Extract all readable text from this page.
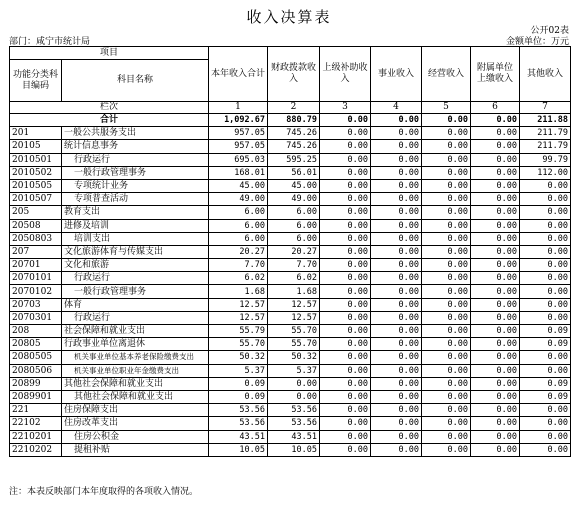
收入决算表
公开02表
部门：咸宁市统计局	金额单位：万元
项目		本年收入合计	财政拨款收入	上级补助收入	事业收入	经营收入	附属单位上缴收入	其他收入
功能分类科目编码	科目名称							
栏次		1	2	3	4	5	6	7
合计		1,092.67	880.79	0.00	0.00	0.00	0.00	211.88
201	一般公共服务支出	957.05	745.26	0.00	0.00	0.00	0.00	211.79
20105	统计信息事务	957.05	745.26	0.00	0.00	0.00	0.00	211.79
2010501	行政运行	695.03	595.25	0.00	0.00	0.00	0.00	99.79
2010502	一般行政管理事务	168.01	56.01	0.00	0.00	0.00	0.00	112.00
2010505	专项统计业务	45.00	45.00	0.00	0.00	0.00	0.00	0.00
2010507	专项普查活动	49.00	49.00	0.00	0.00	0.00	0.00	0.00
205	教育支出	6.00	6.00	0.00	0.00	0.00	0.00	0.00
20508	进修及培训	6.00	6.00	0.00	0.00	0.00	0.00	0.00
2050803	培训支出	6.00	6.00	0.00	0.00	0.00	0.00	0.00
207	文化旅游体育与传媒支出	20.27	20.27	0.00	0.00	0.00	0.00	0.00
20701	文化和旅游	7.70	7.70	0.00	0.00	0.00	0.00	0.00
2070101	行政运行	6.02	6.02	0.00	0.00	0.00	0.00	0.00
2070102	一般行政管理事务	1.68	1.68	0.00	0.00	0.00	0.00	0.00
20703	体育	12.57	12.57	0.00	0.00	0.00	0.00	0.00
2070301	行政运行	12.57	12.57	0.00	0.00	0.00	0.00	0.00
208	社会保障和就业支出	55.79	55.70	0.00	0.00	0.00	0.00	0.09
20805	行政事业单位离退休	55.70	55.70	0.00	0.00	0.00	0.00	0.09
2080505	机关事业单位基本养老保险缴费支出	50.32	50.32	0.00	0.00	0.00	0.00	0.00
2080506	机关事业单位职业年金缴费支出	5.37	5.37	0.00	0.00	0.00	0.00	0.00
20899	其他社会保障和就业支出	0.09	0.00	0.00	0.00	0.00	0.00	0.09
2089901	其他社会保障和就业支出	0.09	0.00	0.00	0.00	0.00	0.00	0.09
221	住房保障支出	53.56	53.56	0.00	0.00	0.00	0.00	0.00
22102	住房改革支出	53.56	53.56	0.00	0.00	0.00	0.00	0.00
2210201	住房公积金	43.51	43.51	0.00	0.00	0.00	0.00	0.00
2210202	提租补贴	10.05	10.05	0.00	0.00	0.00	0.00	0.00
注：本表反映部门本年度取得的各项收入情况。
